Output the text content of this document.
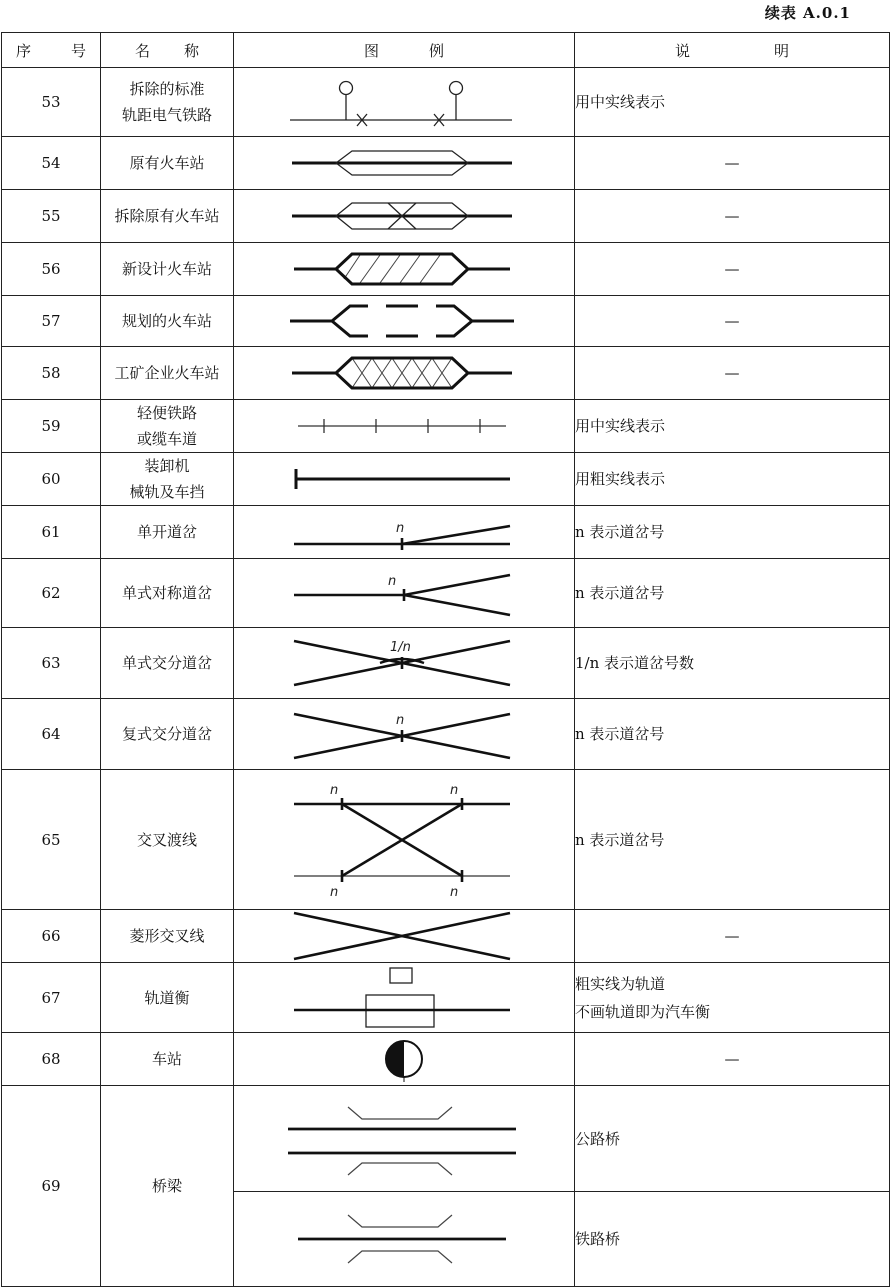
续表 A.0.1
序 号	名 称	图 例	说 明

53	拆除的标准
轨距电气铁路		用中实线表示
54	原有火车站		—
55	拆除原有火车站		—
56	新设计火车站		—
57	规划的火车站		—
58	工矿企业火车站		—
59	轻便铁路
或缆车道		用中实线表示
60	装卸机
械轨及车挡		用粗实线表示
61	单开道岔	n	n 表示道岔号
62	单式对称道岔	n	n 表示道岔号
63	单式交分道岔	1/n	1/n 表示道岔号数
64	复式交分道岔	n	n 表示道岔号
65	交叉渡线	n n
n n	n 表示道岔号
66	菱形交叉线		—
67	轨道衡		粗实线为轨道
不画轨道即为汽车衡
68	车站		—
69	桥梁		公路桥

	铁路桥
